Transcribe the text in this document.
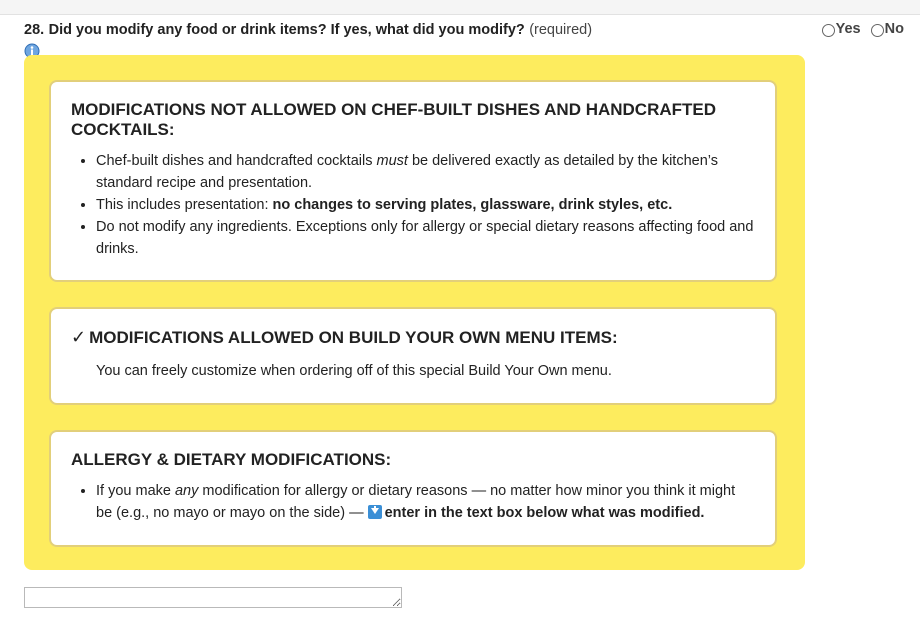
28. Did you modify any food or drink items? If yes, what did you modify? (required)	Yes
No
MODIFICATIONS NOT ALLOWED ON CHEF-BUILT DISHES AND HANDCRAFTED COCKTAILS:
• Chef-built dishes and handcrafted cocktails must be delivered exactly as detailed by the kitchen’s standard recipe and presentation.
• This includes presentation: no changes to serving plates, glassware, drink styles, etc.
• Do not modify any ingredients. Exceptions only for allergy or special dietary reasons affecting food and drinks.
✓ MODIFICATIONS ALLOWED ON BUILD YOUR OWN MENU ITEMS:

You can freely customize when ordering off of this special Build Your Own menu.

ALLERGY & DIETARY MODIFICATIONS:
• If you make any modification for allergy or dietary reasons — no matter how minor you think it might be (e.g., no mayo or mayo on the side) — enter in the text box below what was modified.
